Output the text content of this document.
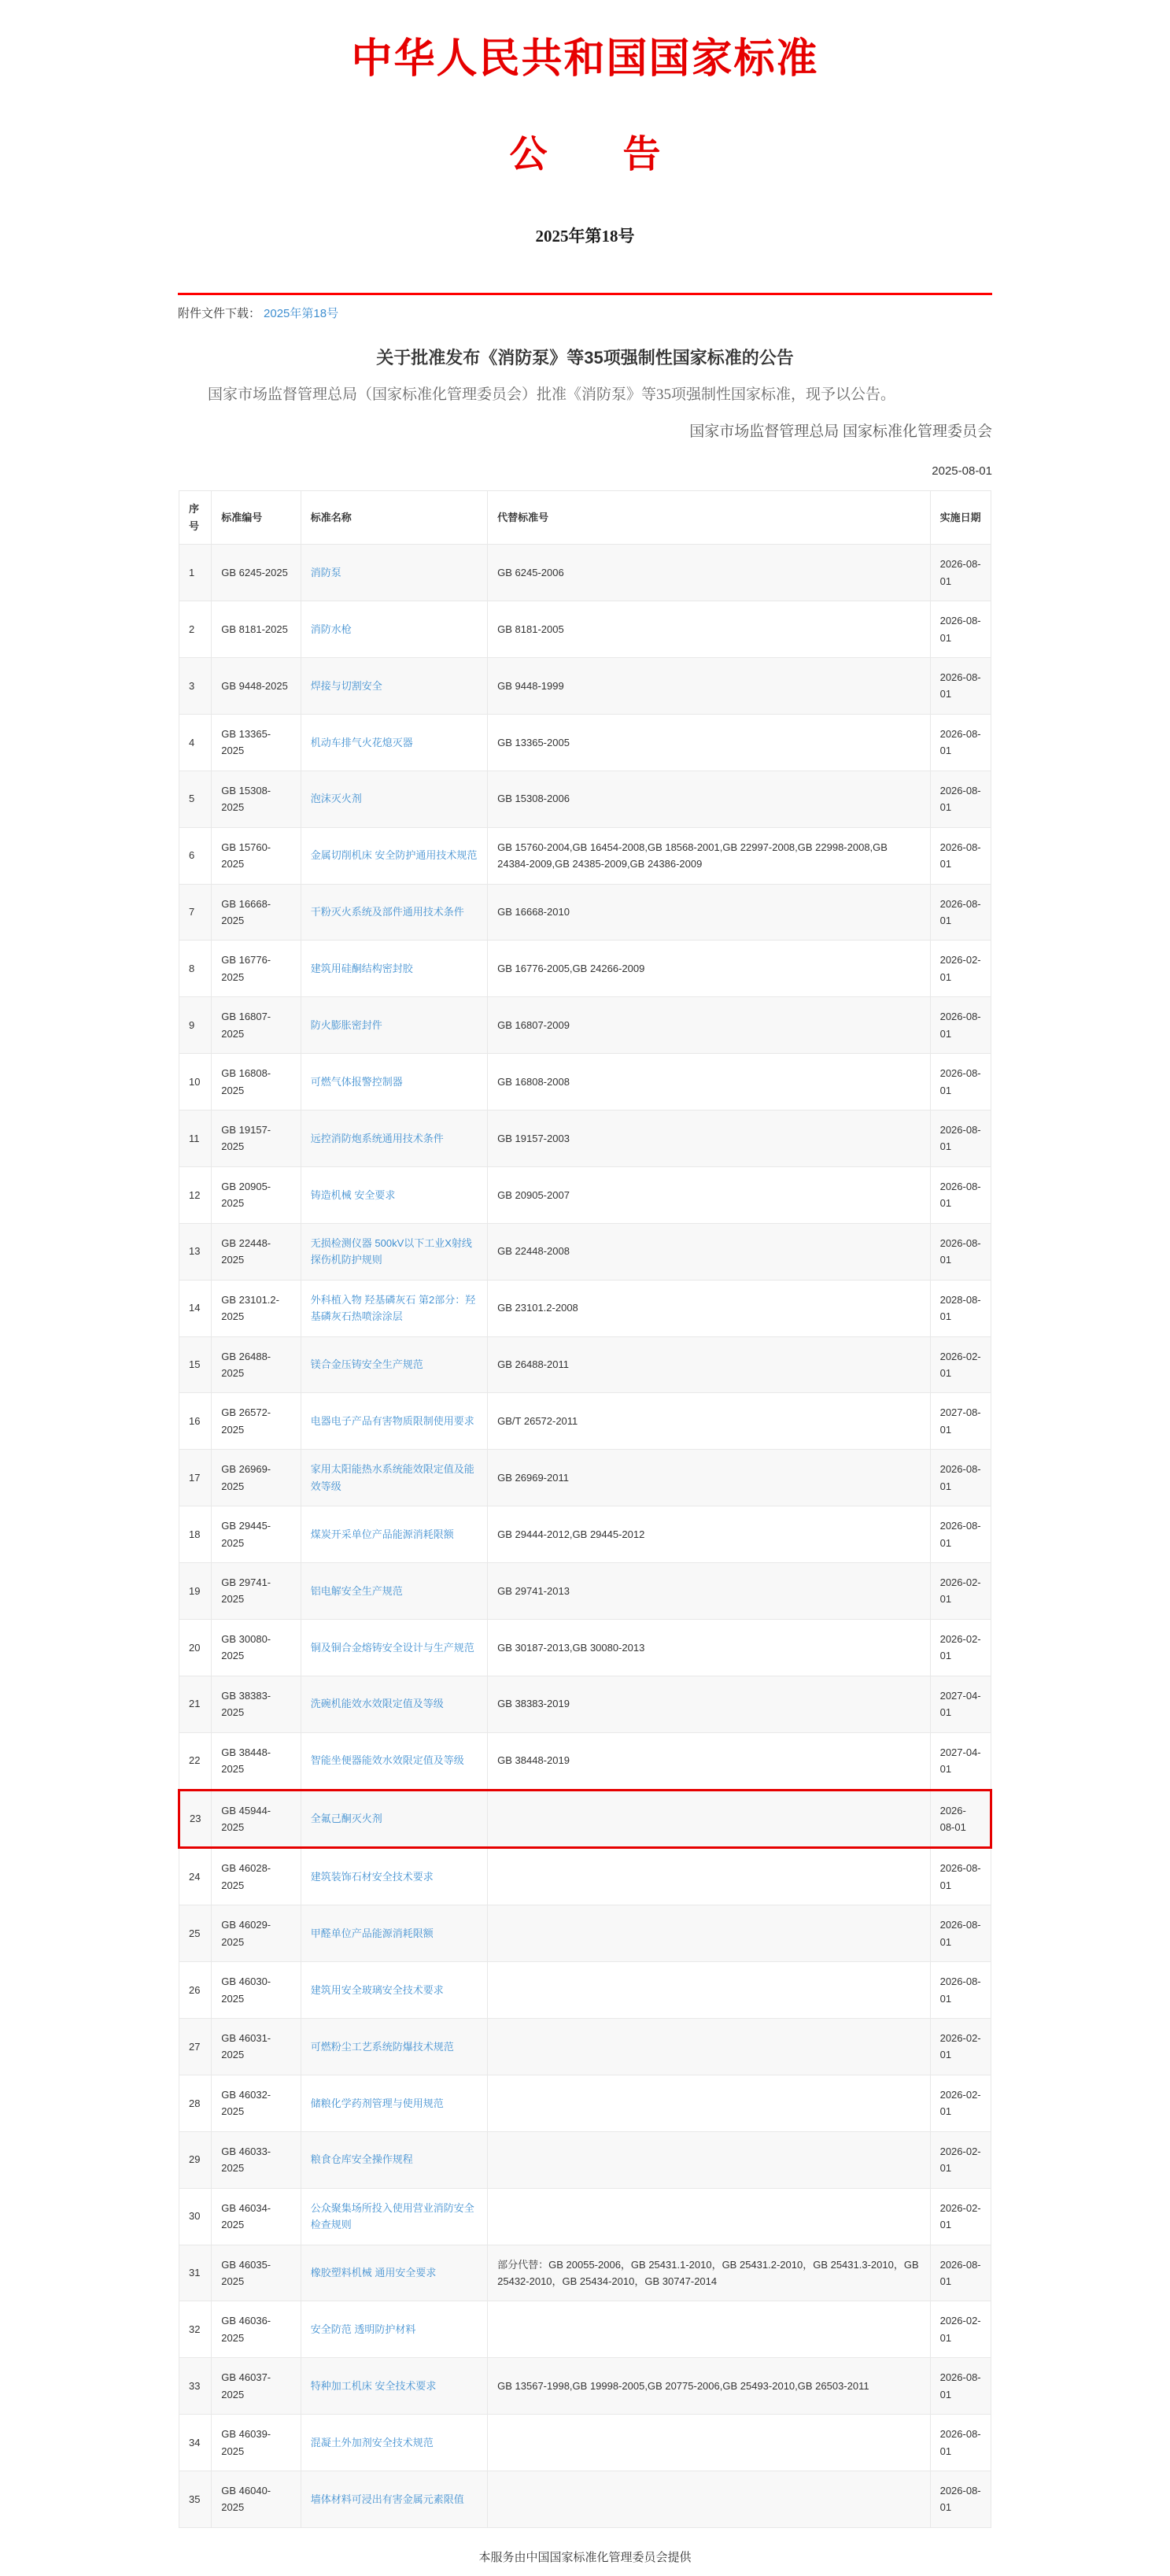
中华人民共和国国家标准
公　　告
2025年第18号
附件文件下载： 2025年第18号
关于批准发布《消防泵》等35项强制性国家标准的公告

国家市场监督管理总局（国家标准化管理委员会）批准《消防泵》等35项强制性国家标准，现予以公告。

国家市场监督管理总局 国家标准化管理委员会
2025-08-01
序号	标准编号	标准名称	代替标准号	实施日期
1	GB 6245-2025	消防泵	GB 6245-2006	2026-08-01
2	GB 8181-2025	消防水枪	GB 8181-2005	2026-08-01
3	GB 9448-2025	焊接与切割安全	GB 9448-1999	2026-08-01
4	GB 13365-2025	机动车排气火花熄灭器	GB 13365-2005	2026-08-01
5	GB 15308-2025	泡沫灭火剂	GB 15308-2006	2026-08-01
6	GB 15760-2025	金属切削机床 安全防护通用技术规范	GB 15760-2004,GB 16454-2008,GB 18568-2001,GB 22997-2008,GB 22998-2008,GB 24384-2009,GB 24385-2009,GB 24386-2009	2026-08-01
7	GB 16668-2025	干粉灭火系统及部件通用技术条件	GB 16668-2010	2026-08-01
8	GB 16776-2025	建筑用硅酮结构密封胶	GB 16776-2005,GB 24266-2009	2026-02-01
9	GB 16807-2025	防火膨胀密封件	GB 16807-2009	2026-08-01
10	GB 16808-2025	可燃气体报警控制器	GB 16808-2008	2026-08-01
11	GB 19157-2025	远控消防炮系统通用技术条件	GB 19157-2003	2026-08-01
12	GB 20905-2025	铸造机械 安全要求	GB 20905-2007	2026-08-01
13	GB 22448-2025	无损检测仪器 500kV以下工业X射线探伤机防护规则	GB 22448-2008	2026-08-01
14	GB 23101.2-2025	外科植入物 羟基磷灰石 第2部分：羟基磷灰石热喷涂涂层	GB 23101.2-2008	2028-08-01
15	GB 26488-2025	镁合金压铸安全生产规范	GB 26488-2011	2026-02-01
16	GB 26572-2025	电器电子产品有害物质限制使用要求	GB/T 26572-2011	2027-08-01
17	GB 26969-2025	家用太阳能热水系统能效限定值及能效等级	GB 26969-2011	2026-08-01
18	GB 29445-2025	煤炭开采单位产品能源消耗限额	GB 29444-2012,GB 29445-2012	2026-08-01
19	GB 29741-2025	铝电解安全生产规范	GB 29741-2013	2026-02-01
20	GB 30080-2025	铜及铜合金熔铸安全设计与生产规范	GB 30187-2013,GB 30080-2013	2026-02-01
21	GB 38383-2025	洗碗机能效水效限定值及等级	GB 38383-2019	2027-04-01
22	GB 38448-2025	智能坐便器能效水效限定值及等级	GB 38448-2019	2027-04-01
23	GB 45944-2025	全氟己酮灭火剂		2026-08-01
24	GB 46028-2025	建筑装饰石材安全技术要求		2026-08-01
25	GB 46029-2025	甲醛单位产品能源消耗限额		2026-08-01
26	GB 46030-2025	建筑用安全玻璃安全技术要求		2026-08-01
27	GB 46031-2025	可燃粉尘工艺系统防爆技术规范		2026-02-01
28	GB 46032-2025	储粮化学药剂管理与使用规范		2026-02-01
29	GB 46033-2025	粮食仓库安全操作规程		2026-02-01
30	GB 46034-2025	公众聚集场所投入使用营业消防安全检查规则		2026-02-01
31	GB 46035-2025	橡胶塑料机械 通用安全要求	部分代替：GB 20055-2006，GB 25431.1-2010，GB 25431.2-2010，GB 25431.3-2010，GB 25432-2010，GB 25434-2010，GB 30747-2014	2026-08-01
32	GB 46036-2025	安全防范 透明防护材料		2026-02-01
33	GB 46037-2025	特种加工机床 安全技术要求	GB 13567-1998,GB 19998-2005,GB 20775-2006,GB 25493-2010,GB 26503-2011	2026-08-01
34	GB 46039-2025	混凝土外加剂安全技术规范		2026-08-01
35	GB 46040-2025	墙体材料可浸出有害金属元素限值		2026-08-01
本服务由中国国家标准化管理委员会提供
